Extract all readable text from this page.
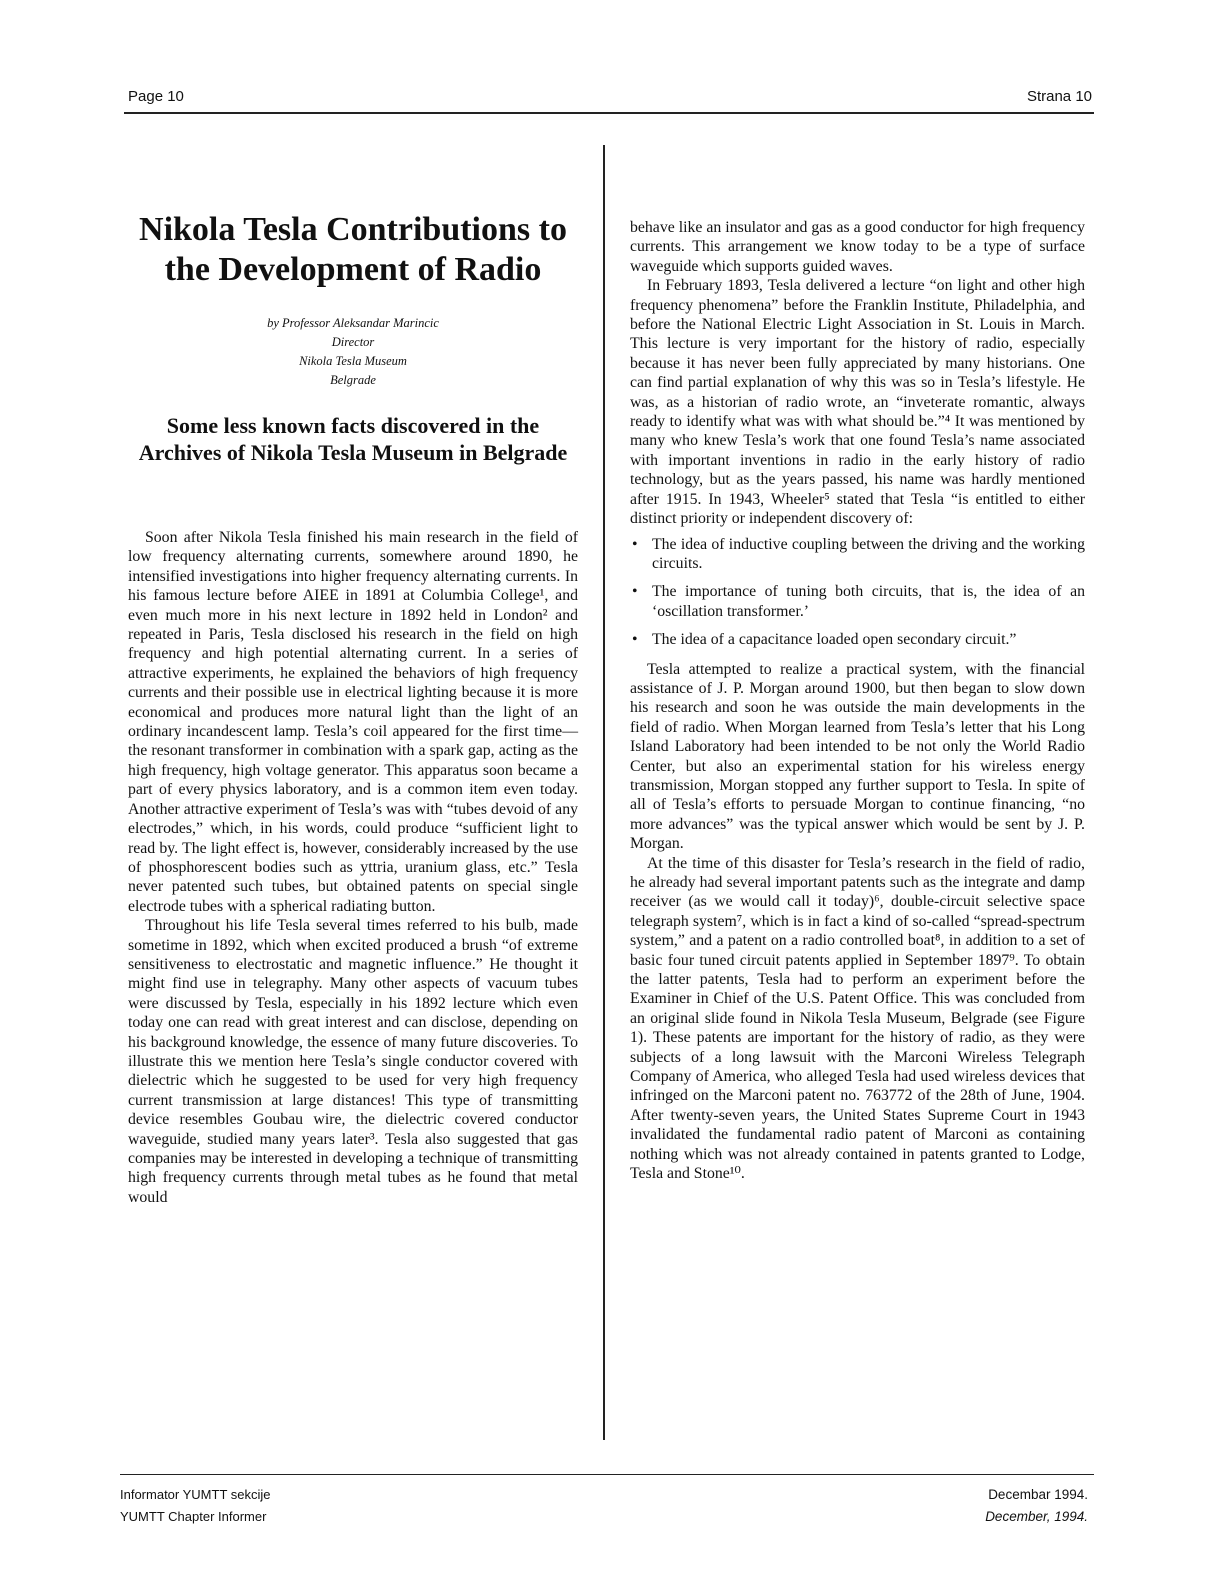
Page 10	Strana 10
Nikola Tesla Contributions to the Development of Radio
by Professor Aleksandar Marincic
Director
Nikola Tesla Museum
Belgrade
Some less known facts discovered in the Archives of Nikola Tesla Museum in Belgrade

Soon after Nikola Tesla finished his main research in the field of low frequency alternating currents, somewhere around 1890, he intensified investigations into higher frequency alternating currents. In his famous lecture before AIEE in 1891 at Columbia College¹, and even much more in his next lecture in 1892 held in London² and repeated in Paris, Tesla disclosed his research in the field on high frequency and high potential alternating current. In a series of attractive experiments, he explained the behaviors of high frequency currents and their possible use in electrical lighting because it is more economical and produces more natural light than the light of an ordinary incandescent lamp. Tesla’s coil appeared for the first time—the resonant transformer in combination with a spark gap, acting as the high frequency, high voltage generator. This apparatus soon became a part of every physics laboratory, and is a common item even today. Another attractive experiment of Tesla’s was with “tubes devoid of any electrodes,” which, in his words, could produce “sufficient light to read by. The light effect is, however, considerably increased by the use of phosphorescent bodies such as yttria, uranium glass, etc.” Tesla never patented such tubes, but obtained patents on special single electrode tubes with a spherical radiating button.

Throughout his life Tesla several times referred to his bulb, made sometime in 1892, which when excited produced a brush “of extreme sensitiveness to electrostatic and magnetic influence.” He thought it might find use in telegraphy. Many other aspects of vacuum tubes were discussed by Tesla, especially in his 1892 lecture which even today one can read with great interest and can disclose, depending on his background knowledge, the essence of many future discoveries. To illustrate this we mention here Tesla’s single conductor covered with dielectric which he suggested to be used for very high frequency current transmission at large distances! This type of transmitting device resembles Goubau wire, the dielectric covered conductor waveguide, studied many years later³. Tesla also suggested that gas companies may be interested in developing a technique of transmitting high frequency currents through metal tubes as he found that metal would

behave like an insulator and gas as a good conductor for high frequency currents. This arrangement we know today to be a type of surface waveguide which supports guided waves.

In February 1893, Tesla delivered a lecture “on light and other high frequency phenomena” before the Franklin Institute, Philadelphia, and before the National Electric Light Association in St. Louis in March. This lecture is very important for the history of radio, especially because it has never been fully appreciated by many historians. One can find partial explanation of why this was so in Tesla’s lifestyle. He was, as a historian of radio wrote, an “inveterate romantic, always ready to identify what was with what should be.”⁴ It was mentioned by many who knew Tesla’s work that one found Tesla’s name associated with important inventions in radio in the early history of radio technology, but as the years passed, his name was hardly mentioned after 1915. In 1943, Wheeler⁵ stated that Tesla “is entitled to either distinct priority or independent discovery of:

• The idea of inductive coupling between the driving and the working circuits.
• The importance of tuning both circuits, that is, the idea of an ‘oscillation transformer.’
• The idea of a capacitance loaded open secondary circuit.”

Tesla attempted to realize a practical system, with the financial assistance of J. P. Morgan around 1900, but then began to slow down his research and soon he was outside the main developments in the field of radio. When Morgan learned from Tesla’s letter that his Long Island Laboratory had been intended to be not only the World Radio Center, but also an experimental station for his wireless energy transmission, Morgan stopped any further support to Tesla. In spite of all of Tesla’s efforts to persuade Morgan to continue financing, “no more advances” was the typical answer which would be sent by J. P. Morgan.

At the time of this disaster for Tesla’s research in the field of radio, he already had several important patents such as the integrate and damp receiver (as we would call it today)⁶, double-circuit selective space telegraph system⁷, which is in fact a kind of so-called “spread-spectrum system,” and a patent on a radio controlled boat⁸, in addition to a set of basic four tuned circuit patents applied in September 1897⁹. To obtain the latter patents, Tesla had to perform an experiment before the Examiner in Chief of the U.S. Patent Office. This was concluded from an original slide found in Nikola Tesla Museum, Belgrade (see Figure 1). These patents are important for the history of radio, as they were subjects of a long lawsuit with the Marconi Wireless Telegraph Company of America, who alleged Tesla had used wireless devices that infringed on the Marconi patent no. 763772 of the 28th of June, 1904. After twenty-seven years, the United States Supreme Court in 1943 invalidated the fundamental radio patent of Marconi as containing nothing which was not already contained in patents granted to Lodge, Tesla and Stone¹⁰.

Informator YUMTT sekcije
YUMTT Chapter Informer
Decembar 1994.
December, 1994.
